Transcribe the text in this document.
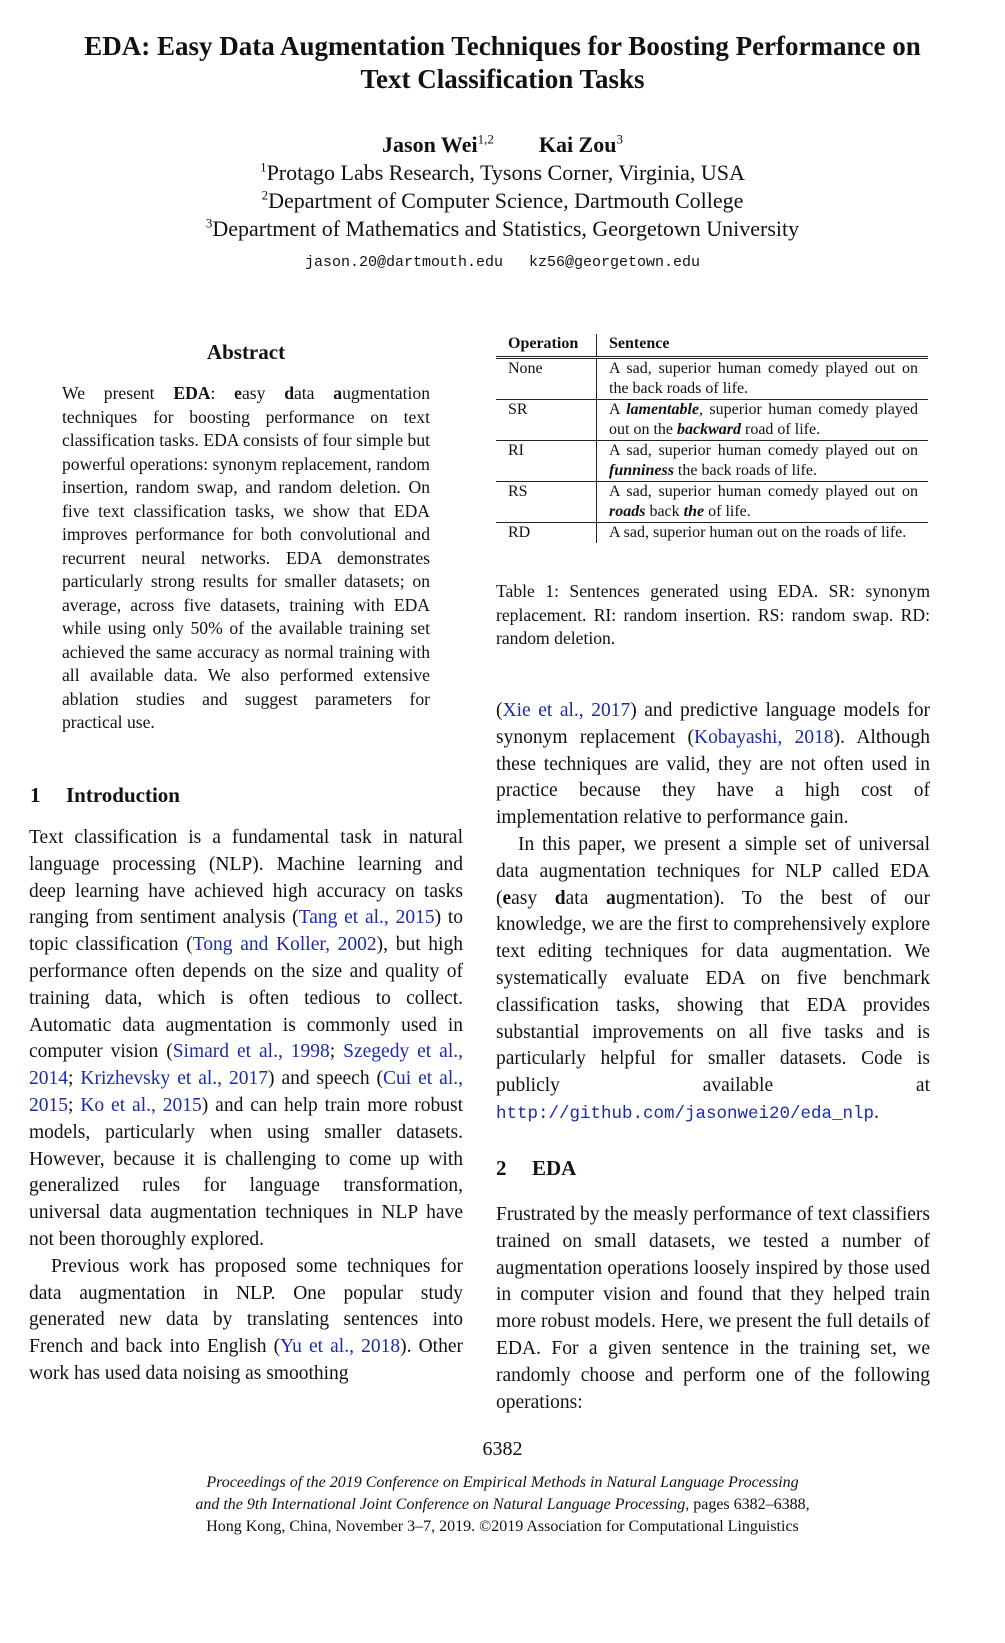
EDA: Easy Data Augmentation Techniques for Boosting Performance on
Text Classification Tasks
Jason Wei$^{1,2}$ Kai Zou$^3$
$^1$Protago Labs Research, Tysons Corner, Virginia, USA
$^2$Department of Computer Science, Dartmouth College
$^3$Department of Mathematics and Statistics, Georgetown University
jason.20@dartmouth.edu kz56@georgetown.edu
Abstract
We present EDA: easy data augmentation techniques for boosting performance on text classification tasks. EDA consists of four simple but powerful operations: synonym replacement, random insertion, random swap, and random deletion. On five text classification tasks, we show that EDA improves performance for both convolutional and recurrent neural networks. EDA demonstrates particularly strong results for smaller datasets; on average, across five datasets, training with EDA while using only 50% of the available training set achieved the same accuracy as normal training with all available data. We also performed extensive ablation studies and suggest parameters for practical use.
1 Introduction

Text classification is a fundamental task in natural language processing (NLP). Machine learning and deep learning have achieved high accuracy on tasks ranging from sentiment analysis (Tang et al., 2015) to topic classification (Tong and Koller, 2002), but high performance often depends on the size and quality of training data, which is often tedious to collect. Automatic data augmentation is commonly used in computer vision (Simard et al., 1998; Szegedy et al., 2014; Krizhevsky et al., 2017) and speech (Cui et al., 2015; Ko et al., 2015) and can help train more robust models, particularly when using smaller datasets. However, because it is challenging to come up with generalized rules for language transformation, universal data augmentation techniques in NLP have not been thoroughly explored.

Previous work has proposed some techniques for data augmentation in NLP. One popular study generated new data by translating sentences into French and back into English (Yu et al., 2018). Other work has used data noising as smoothing

Operation	Sentence
None	A sad, superior human comedy played out on the back roads of life.
SR	A lamentable, superior human comedy played out on the backward road of life.
RI	A sad, superior human comedy played out on funniness the back roads of life.
RS	A sad, superior human comedy played out on roads back the of life.
RD	A sad, superior human out on the roads of life.
Table 1: Sentences generated using EDA. SR: synonym replacement. RI: random insertion. RS: random swap. RD: random deletion.

(Xie et al., 2017) and predictive language models for synonym replacement (Kobayashi, 2018). Although these techniques are valid, they are not often used in practice because they have a high cost of implementation relative to performance gain.

In this paper, we present a simple set of universal data augmentation techniques for NLP called EDA (easy data augmentation). To the best of our knowledge, we are the first to comprehensively explore text editing techniques for data augmentation. We systematically evaluate EDA on five benchmark classification tasks, showing that EDA provides substantial improvements on all five tasks and is particularly helpful for smaller datasets. Code is publicly available at http://github.com/jasonwei20/eda_nlp.

2 EDA

Frustrated by the measly performance of text classifiers trained on small datasets, we tested a number of augmentation operations loosely inspired by those used in computer vision and found that they helped train more robust models. Here, we present the full details of EDA. For a given sentence in the training set, we randomly choose and perform one of the following operations:

6382
Proceedings of the 2019 Conference on Empirical Methods in Natural Language Processing
and the 9th International Joint Conference on Natural Language Processing, pages 6382–6388,
Hong Kong, China, November 3–7, 2019. ©2019 Association for Computational Linguistics
